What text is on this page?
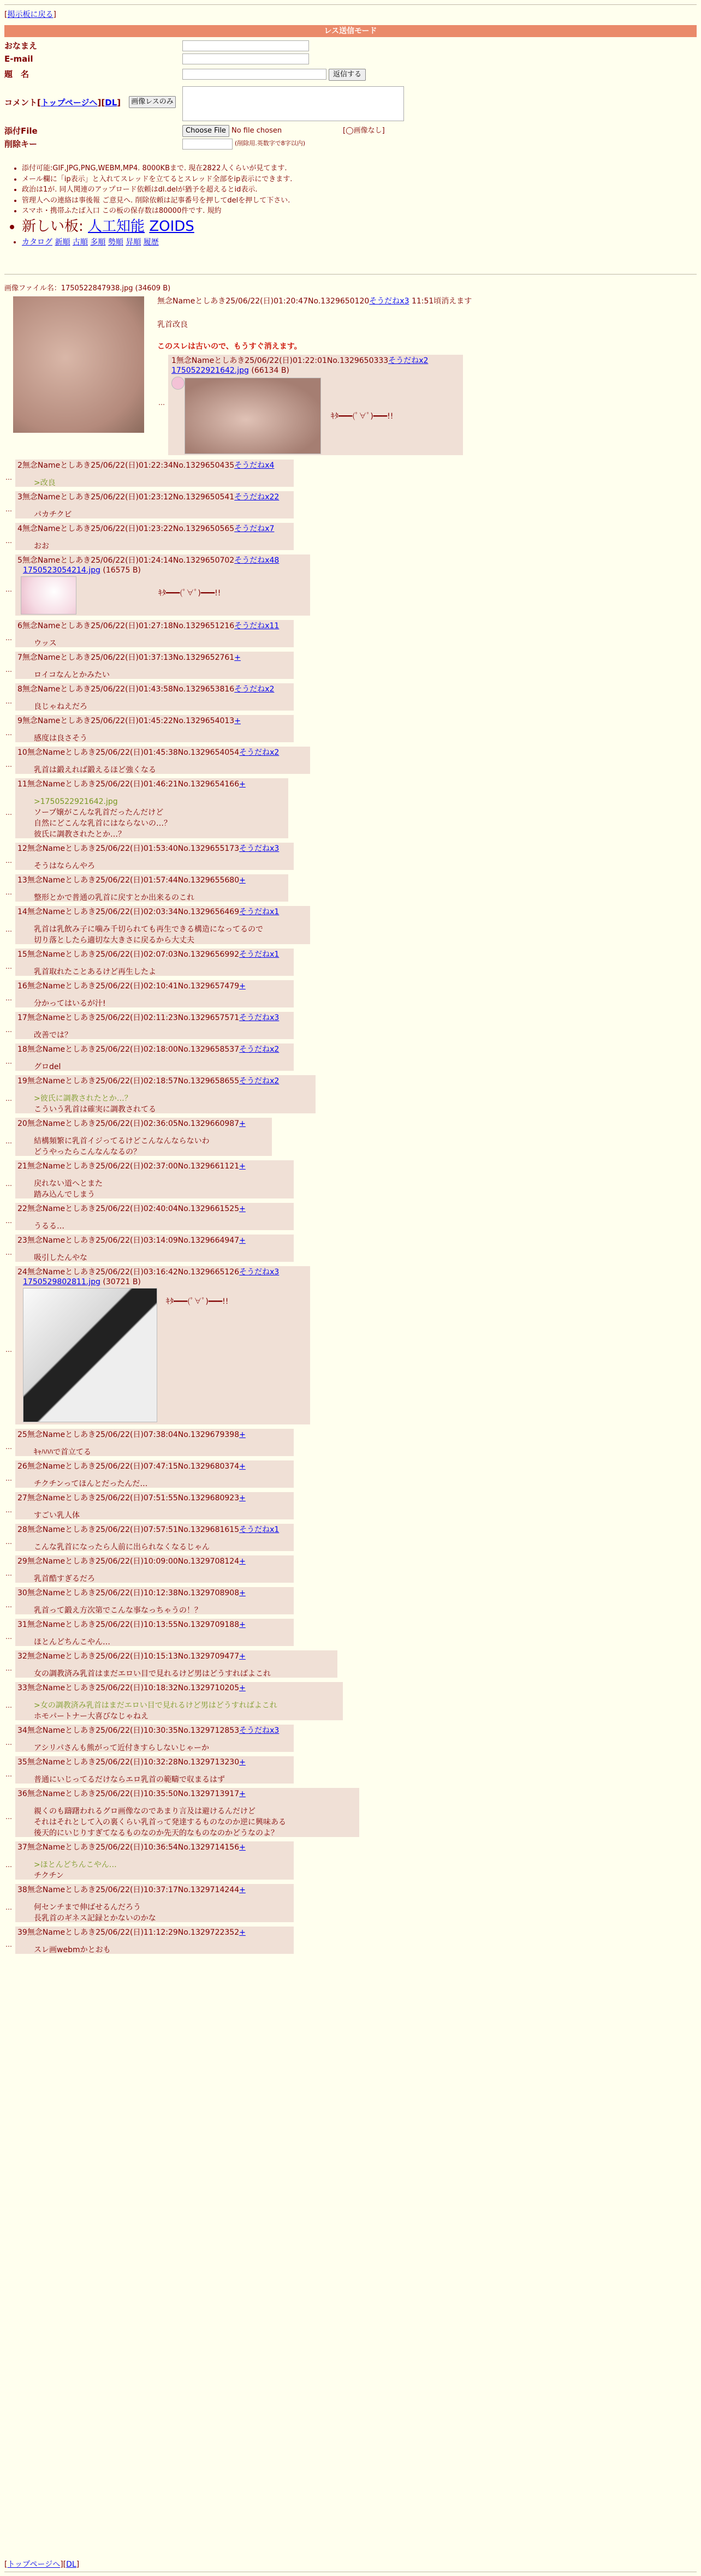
[掲示板に戻る]
レス送信モード
おなまえ
E-mail
題　名	返信する
コメント[トップページへ][DL]	画像レスのみ
添付File	Choose File No file chosen	[◯画像なし]
削除キー	(削除用.英数字で8字以内)
• 添付可能:GIF,JPG,PNG,WEBM,MP4. 8000KBまで. 現在2822人くらいが見てます.
• メール欄に「ip表示」と入れてスレッドを立てるとスレッド全部をip表示にできます.
• 政治は1が. 同人関連のアップロード依頼はdl.delが猶予を超えるとid表示.
• 管理人への連絡は事後報 ご意見へ. 削除依頼は記事番号を押してdelを押して下さい.
• スマホ・携帯ふたば入口 この板の保存数は80000件です. 規約
• 新しい板: 人工知能 ZOIDS
• カタログ 新順 古順 多順 勢順 昇順 履歴
画像ファイル名：1750522847938.jpg (34609 B)
無念Nameとしあき25/06/22(日)01:20:47No.1329650120そうだねx3 11:51頃消えます
乳首改良
このスレは古いので、もうすぐ消えます。
…
1無念Nameとしあき25/06/22(日)01:22:01No.1329650333そうだねx2
1750522921642.jpg (66134 B)
ｷﾀ━━━(ﾟ∀ﾟ)━━━!!
…
2無念Nameとしあき25/06/22(日)01:22:34No.1329650435そうだねx4
>改良
…
3無念Nameとしあき25/06/22(日)01:23:12No.1329650541そうだねx22
パカチクビ
…
4無念Nameとしあき25/06/22(日)01:23:22No.1329650565そうだねx7
おお
…
5無念Nameとしあき25/06/22(日)01:24:14No.1329650702そうだねx48
1750523054214.jpg (16575 B)
ｷﾀ━━━(ﾟ∀ﾟ)━━━!!
…
6無念Nameとしあき25/06/22(日)01:27:18No.1329651216そうだねx11
ウッス
…
7無念Nameとしあき25/06/22(日)01:37:13No.1329652761+
ロイコなんとかみたい
…
8無念Nameとしあき25/06/22(日)01:43:58No.1329653816そうだねx2
良じゃねえだろ
…
9無念Nameとしあき25/06/22(日)01:45:22No.1329654013+
感度は良さそう
…
10無念Nameとしあき25/06/22(日)01:45:38No.1329654054そうだねx2
乳首は鍛えれば鍛えるほど強くなる
…
11無念Nameとしあき25/06/22(日)01:46:21No.1329654166+
>1750522921642.jpg
ソープ嬢がこんな乳首だったんだけど
自然にどこんな乳首にはならないの…？
彼氏に調教されたとか…？
…
12無念Nameとしあき25/06/22(日)01:53:40No.1329655173そうだねx3
そうはならんやろ
…
13無念Nameとしあき25/06/22(日)01:57:44No.1329655680+
整形とかで普通の乳首に戻すとか出来るのこれ
…
14無念Nameとしあき25/06/22(日)02:03:34No.1329656469そうだねx1
乳首は乳飲み子に噛み千切られても再生できる構造になってるので
切り落としたら適切な大きさに戻るから大丈夫
…
15無念Nameとしあき25/06/22(日)02:07:03No.1329656992そうだねx1
乳首取れたことあるけど再生したよ
…
16無念Nameとしあき25/06/22(日)02:10:41No.1329657479+
分かってはいるが汁!
…
17無念Nameとしあき25/06/22(日)02:11:23No.1329657571そうだねx3
改善では？
…
18無念Nameとしあき25/06/22(日)02:18:00No.1329658537そうだねx2
グロdel
…
19無念Nameとしあき25/06/22(日)02:18:57No.1329658655そうだねx2
>彼氏に調教されたとか…？
こういう乳首は確実に調教されてる
…
20無念Nameとしあき25/06/22(日)02:36:05No.1329660987+
結構頻繁に乳首イジってるけどこんなんならないわ
どうやったらこんなんなるの？
…
21無念Nameとしあき25/06/22(日)02:37:00No.1329661121+
戻れない道へとまた
踏み込んでしまう
…
22無念Nameとしあき25/06/22(日)02:40:04No.1329661525+
うるる…
…
23無念Nameとしあき25/06/22(日)03:14:09No.1329664947+
吸引したんやな
…
24無念Nameとしあき25/06/22(日)03:16:42No.1329665126そうだねx3
1750529802811.jpg (30721 B)
ｷﾀ━━━(ﾟ∀ﾟ)━━━!!
…
25無念Nameとしあき25/06/22(日)07:38:04No.1329679398+
ｷｬﾊﾊﾊで首立てる
…
26無念Nameとしあき25/06/22(日)07:47:15No.1329680374+
チクチンってほんとだったんだ…
…
27無念Nameとしあき25/06/22(日)07:51:55No.1329680923+
すごい乳人体
…
28無念Nameとしあき25/06/22(日)07:57:51No.1329681615そうだねx1
こんな乳首になったら人前に出られなくなるじゃん
…
29無念Nameとしあき25/06/22(日)10:09:00No.1329708124+
乳首酷すぎるだろ
…
30無念Nameとしあき25/06/22(日)10:12:38No.1329708908+
乳首って鍛え方次第でこんな事なっちゃうの！？
…
31無念Nameとしあき25/06/22(日)10:13:55No.1329709188+
ほとんどちんこやん…
…
32無念Nameとしあき25/06/22(日)10:15:13No.1329709477+
女の調教済み乳首はまだエロい目で見れるけど男はどうすればよこれ
…
33無念Nameとしあき25/06/22(日)10:18:32No.1329710205+
>女の調教済み乳首はまだエロい目で見れるけど男はどうすればよこれ
ホモパートナー大喜びなじゃねえ
…
34無念Nameとしあき25/06/22(日)10:30:35No.1329712853そうだねx3
アシリパさんも熊がって近付きすらしないじゃーか
…
35無念Nameとしあき25/06/22(日)10:32:28No.1329713230+
普通にいじってるだけならエロ乳首の範疇で収まるはず
…
36無念Nameとしあき25/06/22(日)10:35:50No.1329713917+
親くのも躊躇われるグロ画像なのであまり言及は避けるんだけど
それはそれとして入の裏くらい乳首って発達するものなのか逆に興味ある
後天的にいじりすぎてなるものなのか先天的なものなのかどうなのよ？
…
37無念Nameとしあき25/06/22(日)10:36:54No.1329714156+
>ほとんどちんこやん…
チクチン
…
38無念Nameとしあき25/06/22(日)10:37:17No.1329714244+
何センチまで伸ばせるんだろう
長乳首のギネス記録とかないのかな
…
39無念Nameとしあき25/06/22(日)11:12:29No.1329722352+
スレ画webmかとおも
[トップページへ][DL]
